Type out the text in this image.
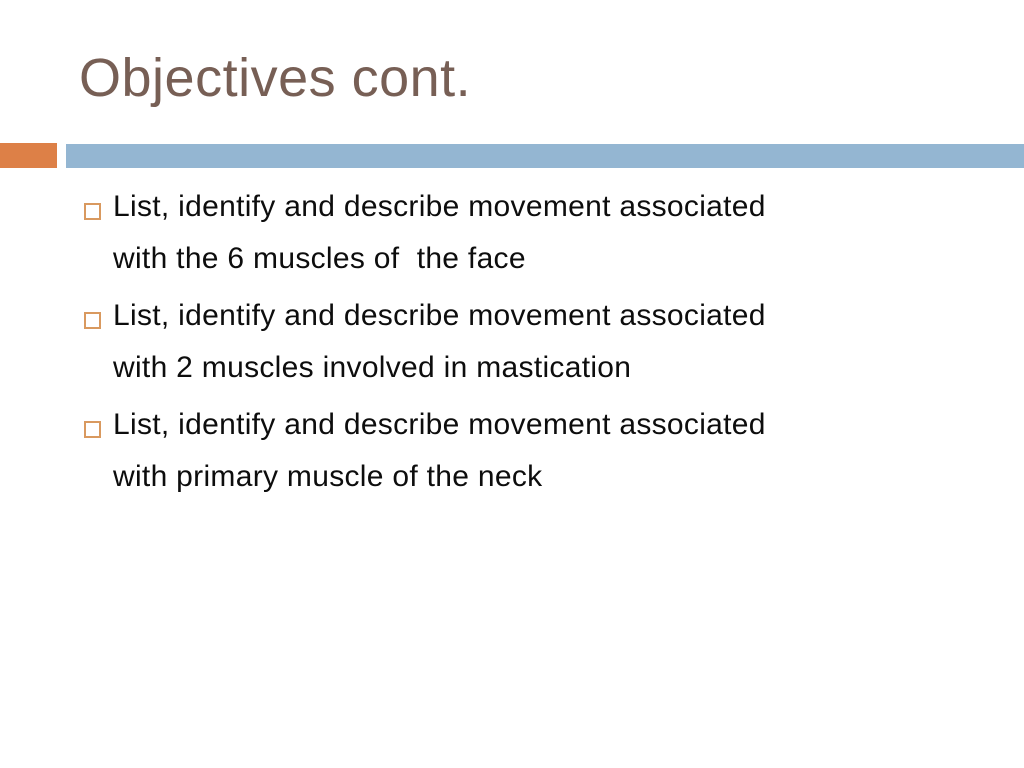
Objectives cont.
List, identify and describe movement associated
with the 6 muscles of  the face
List, identify and describe movement associated
with 2 muscles involved in mastication
List, identify and describe movement associated
with primary muscle of the neck
